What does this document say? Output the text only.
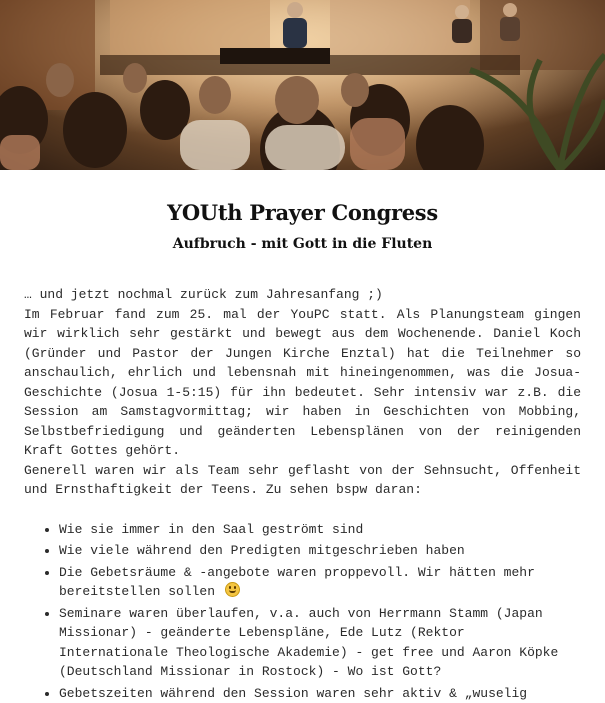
YOUth Prayer Congress
Aufbruch - mit Gott in die Fluten

… und jetzt nochmal zurück zum Jahresanfang ;)

Im Februar fand zum 25. mal der YouPC statt. Als Planungsteam gingen wir wirklich sehr gestärkt und bewegt aus dem Wochenende. Daniel Koch (Gründer und Pastor der Jungen Kirche Enztal) hat die Teilnehmer so anschaulich, ehrlich und lebensnah mit hineingenommen, was die Josua-Geschichte (Josua 1-5:15) für ihn bedeutet. Sehr intensiv war z.B. die Session am Samstagvormittag; wir haben in Geschichten von Mobbing, Selbstbefriedigung und geänderten Lebensplänen von der reinigenden Kraft Gottes gehört.

Generell waren wir als Team sehr geflasht von der Sehnsucht, Offenheit und Ernsthaftigkeit der Teens. Zu sehen bspw daran:

• Wie sie immer in den Saal geströmt sind
• Wie viele während den Predigten mitgeschrieben haben
• Die Gebetsräume & -angebote waren proppevoll. Wir hätten mehr bereitstellen sollen
• Seminare waren überlaufen, v.a. auch von Herrmann Stamm (Japan Missionar) - geänderte Lebenspläne, Ede Lutz (Rektor Internationale Theologische Akademie) - get free und Aaron Köpke (Deutschland Missionar in Rostock) - Wo ist Gott?
• Gebetszeiten während den Session waren sehr aktiv & „wuselig
